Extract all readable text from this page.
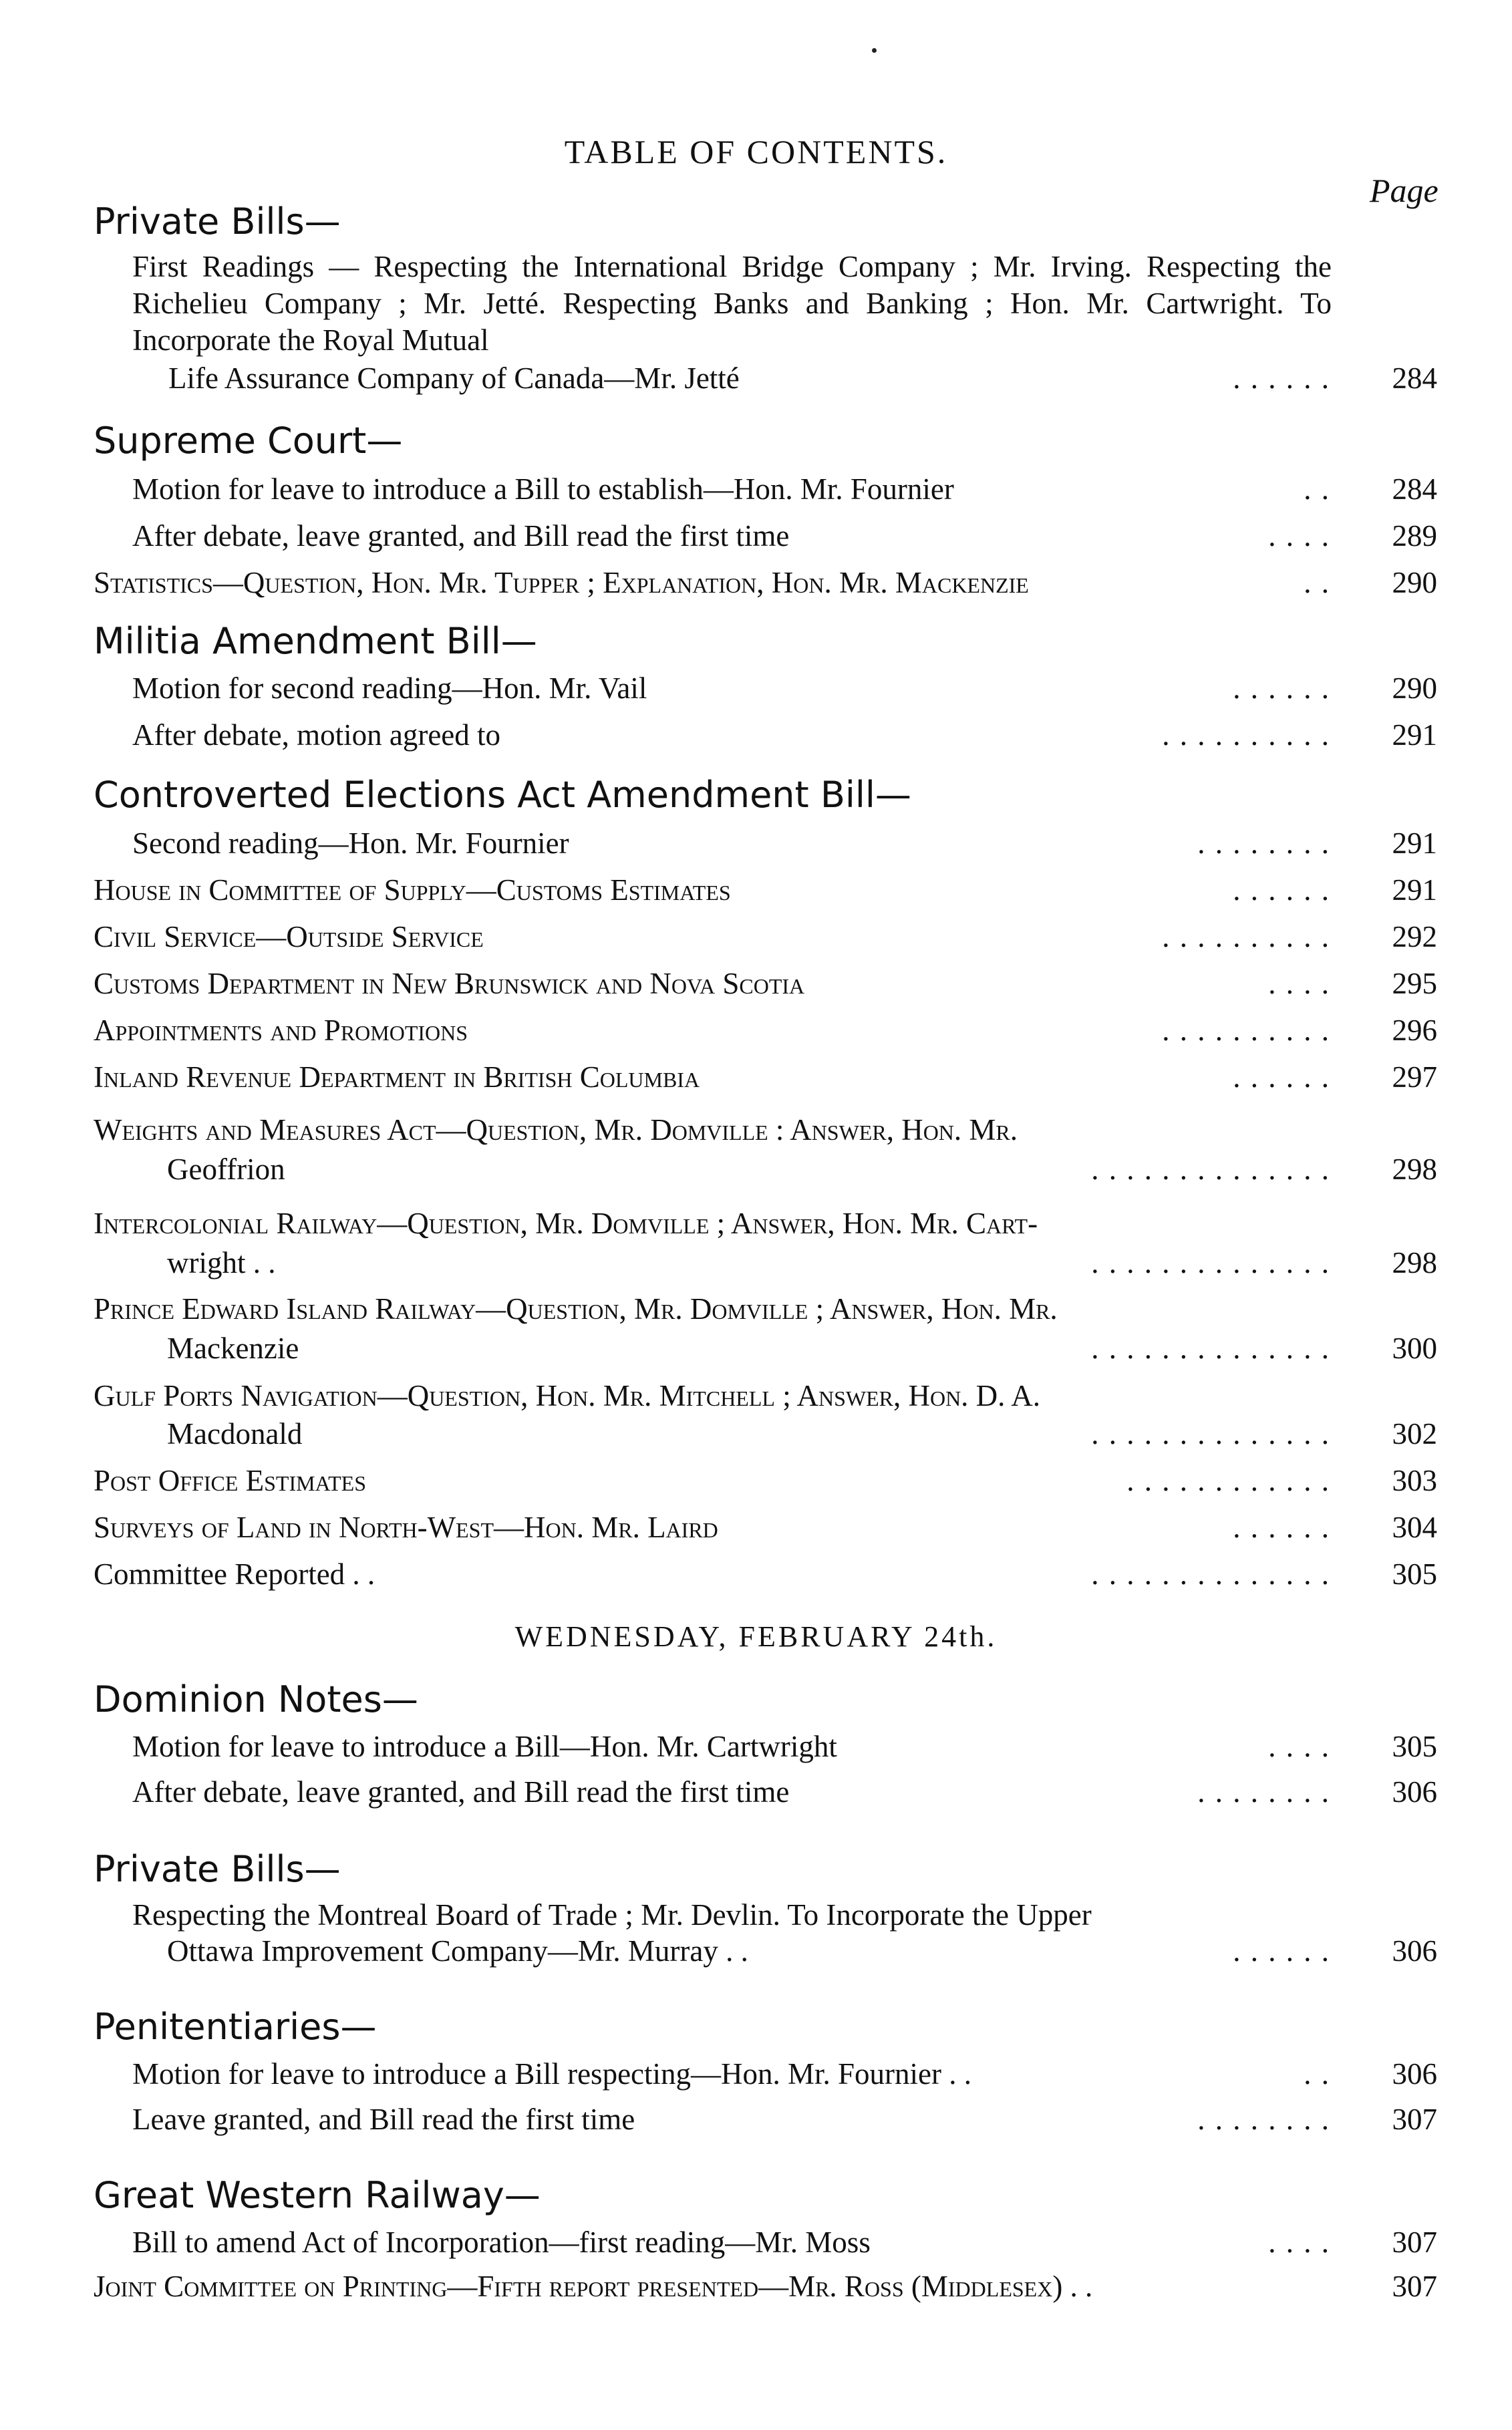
TABLE OF CONTENTS.
Page
Private Bills—
First Readings — Respecting the International Bridge Company ; Mr. Irving. Respecting the Richelieu Company ; Mr. Jetté. Respecting Banks and Banking ; Hon. Mr. Cartwright. To Incorporate the Royal Mutual
Life Assurance Company of Canada—Mr. Jetté	. . . . . . 284
Supreme Court—
Motion for leave to introduce a Bill to establish—Hon. Mr. Fournier	. . 284
After debate, leave granted, and Bill read the first time	. . . . 289
Statistics—Question, Hon. Mr. Tupper ; Explanation, Hon. Mr. Mackenzie	. . 290
Militia Amendment Bill—
Motion for second reading—Hon. Mr. Vail	. . . . . . 290
After debate, motion agreed to	. . . . . . . . . . 291
Controverted Elections Act Amendment Bill—
Second reading—Hon. Mr. Fournier	. . . . . . . . 291
House in Committee of Supply—Customs Estimates	. . . . . . 291
Civil Service—Outside Service	. . . . . . . . . . 292
Customs Department in New Brunswick and Nova Scotia	. . . . 295
Appointments and Promotions	. . . . . . . . . . 296
Inland Revenue Department in British Columbia	. . . . . . 297
Weights and Measures Act—Question, Mr. Domville : Answer, Hon. Mr.
Geoffrion	. . . . . . . . . . . . . . 298
Intercolonial Railway—Question, Mr. Domville ; Answer, Hon. Mr. Cart-
wright . .	. . . . . . . . . . . . . . 298
Prince Edward Island Railway—Question, Mr. Domville ; Answer, Hon. Mr.
Mackenzie	. . . . . . . . . . . . . . 300
Gulf Ports Navigation—Question, Hon. Mr. Mitchell ; Answer, Hon. D. A.
Macdonald	. . . . . . . . . . . . . . 302
Post Office Estimates	. . . . . . . . . . . . 303
Surveys of Land in North-West—Hon. Mr. Laird	. . . . . . 304
Committee Reported . .	. . . . . . . . . . . . . . 305
WEDNESDAY, FEBRUARY 24th.
Dominion Notes—
Motion for leave to introduce a Bill—Hon. Mr. Cartwright	. . . . 305
After debate, leave granted, and Bill read the first time	. . . . . . . . 306
Private Bills—
Respecting the Montreal Board of Trade ; Mr. Devlin. To Incorporate the Upper
Ottawa Improvement Company—Mr. Murray . .	. . . . . . 306
Penitentiaries—
Motion for leave to introduce a Bill respecting—Hon. Mr. Fournier . .	. . 306
Leave granted, and Bill read the first time	. . . . . . . . 307
Great Western Railway—
Bill to amend Act of Incorporation—first reading—Mr. Moss	. . . . 307
Joint Committee on Printing—Fifth report presented—Mr. Ross (Middlesex) . .	307
